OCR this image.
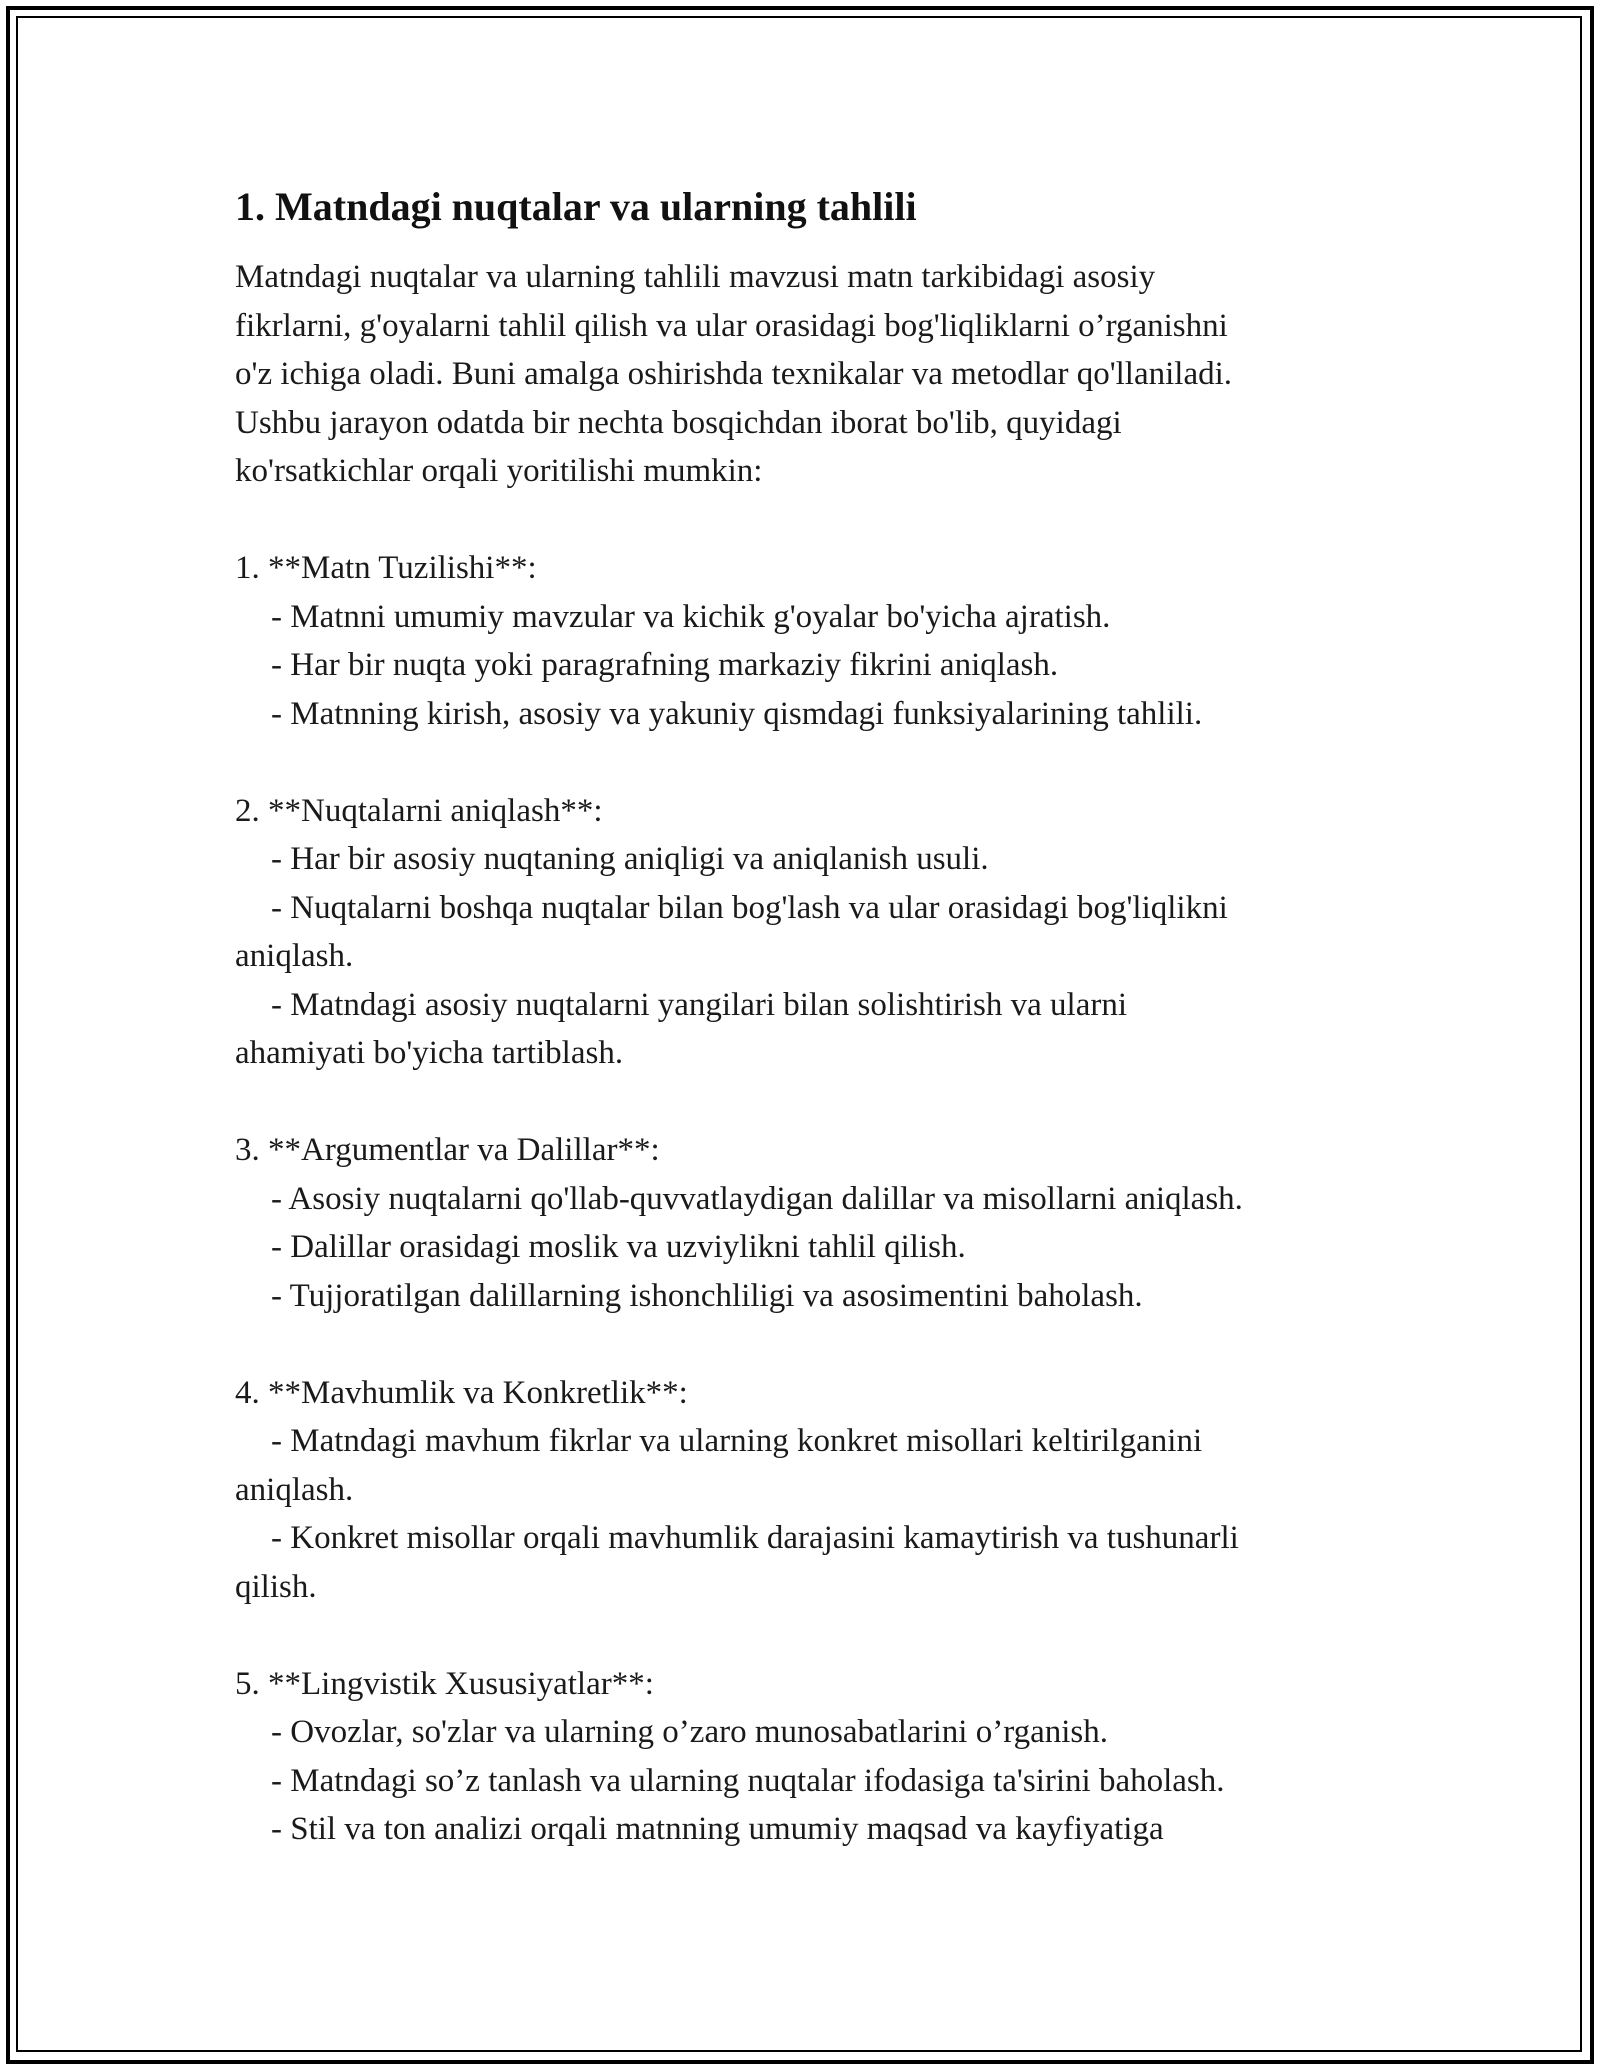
1. Matndagi nuqtalar va ularning tahlili

Matndagi nuqtalar va ularning tahlili mavzusi matn tarkibidagi asosiy

fikrlarni, g'oyalarni tahlil qilish va ular orasidagi bog'liqliklarni o’rganishni

o'z ichiga oladi. Buni amalga oshirishda texnikalar va metodlar qo'llaniladi.

Ushbu jarayon odatda bir nechta bosqichdan iborat bo'lib, quyidagi

ko'rsatkichlar orqali yoritilishi mumkin:

1. **Matn Tuzilishi**:

- Matnni umumiy mavzular va kichik g'oyalar bo'yicha ajratish.

- Har bir nuqta yoki paragrafning markaziy fikrini aniqlash.

- Matnning kirish, asosiy va yakuniy qismdagi funksiyalarining tahlili.

2. **Nuqtalarni aniqlash**:

- Har bir asosiy nuqtaning aniqligi va aniqlanish usuli.

- Nuqtalarni boshqa nuqtalar bilan bog'lash va ular orasidagi bog'liqlikni

aniqlash.

- Matndagi asosiy nuqtalarni yangilari bilan solishtirish va ularni

ahamiyati bo'yicha tartiblash.

3. **Argumentlar va Dalillar**:

- Asosiy nuqtalarni qo'llab-quvvatlaydigan dalillar va misollarni aniqlash.

- Dalillar orasidagi moslik va uzviylikni tahlil qilish.

- Tujjoratilgan dalillarning ishonchliligi va asosimentini baholash.

4. **Mavhumlik va Konkretlik**:

- Matndagi mavhum fikrlar va ularning konkret misollari keltirilganini

aniqlash.

- Konkret misollar orqali mavhumlik darajasini kamaytirish va tushunarli

qilish.

5. **Lingvistik Xususiyatlar**:

- Ovozlar, so'zlar va ularning o’zaro munosabatlarini o’rganish.

- Matndagi so’z tanlash va ularning nuqtalar ifodasiga ta'sirini baholash.

- Stil va ton analizi orqali matnning umumiy maqsad va kayfiyatiga
